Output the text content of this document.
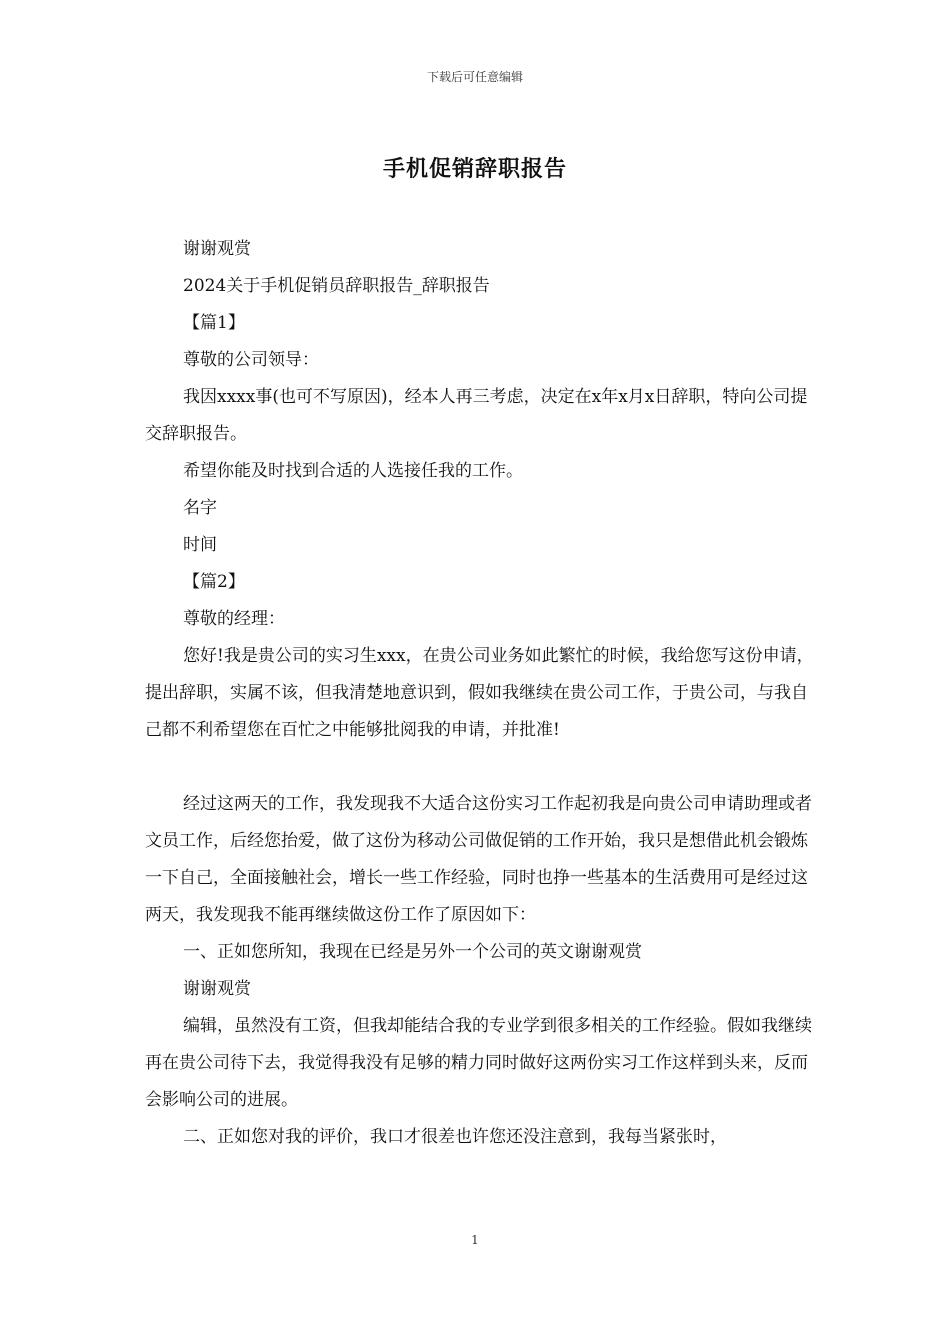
下载后可任意编辑
手机促销辞职报告

谢谢观赏

2024关于手机促销员辞职报告_辞职报告

【篇1】

尊敬的公司领导：

我因xxxx事(也可不写原因)，经本人再三考虑，决定在x年x月x日辞职，特向公司提交辞职报告。

希望你能及时找到合适的人选接任我的工作。

名字

时间

【篇2】

尊敬的经理：

您好!我是贵公司的实习生xxx，在贵公司业务如此繁忙的时候，我给您写这份申请，提出辞职，实属不该，但我清楚地意识到，假如我继续在贵公司工作，于贵公司，与我自己都不利希望您在百忙之中能够批阅我的申请，并批准!

经过这两天的工作，我发现我不大适合这份实习工作起初我是向贵公司申请助理或者文员工作，后经您抬爱，做了这份为移动公司做促销的工作开始，我只是想借此机会锻炼一下自己，全面接触社会，增长一些工作经验，同时也挣一些基本的生活费用可是经过这两天，我发现我不能再继续做这份工作了原因如下：

一、正如您所知，我现在已经是另外一个公司的英文谢谢观赏

谢谢观赏

编辑，虽然没有工资，但我却能结合我的专业学到很多相关的工作经验。假如我继续再在贵公司待下去，我觉得我没有足够的精力同时做好这两份实习工作这样到头来，反而会影响公司的进展。

二、正如您对我的评价，我口才很差也许您还没注意到，我每当紧张时，

1
